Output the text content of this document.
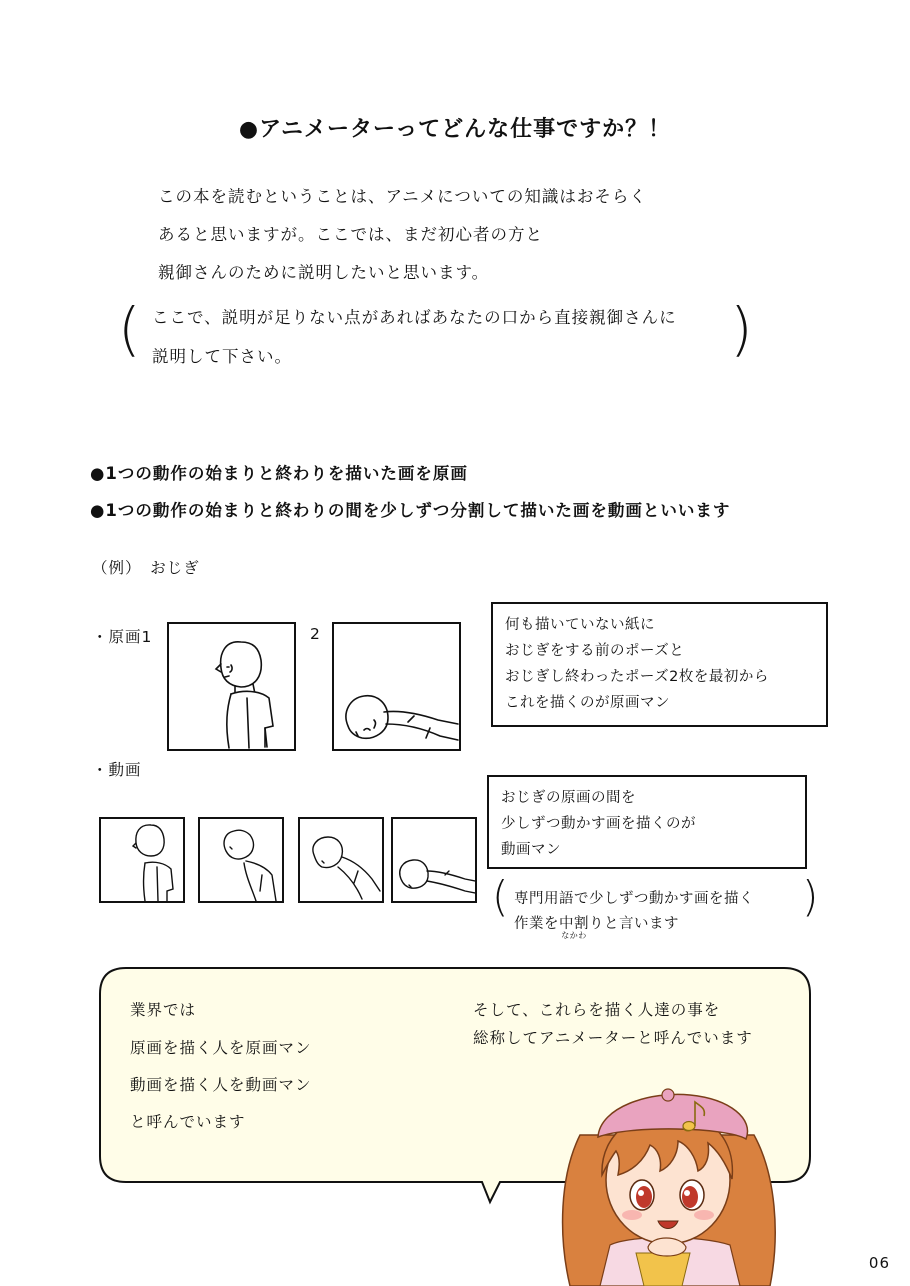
●アニメーターってどんな仕事ですか？！
この本を読むということは、アニメについての知識はおそらく
あると思いますが。ここでは、まだ初心者の方と
親御さんのために説明したいと思います。
(	)
ここで、説明が足りない点があればあなたの口から直接親御さんに
説明して下さい。
●1つの動作の始まりと終わりを描いた画を原画
●1つの動作の始まりと終わりの間を少しずつ分割して描いた画を動画といいます
（例）　おじぎ
・原画1	2	何も描いていない紙に
おじぎをする前のポーズと
おじぎし終わったポーズ2枚を最初から
これを描くのが原画マン
・動画
おじぎの原画の間を
少しずつ動かす画を描くのが
動画マン
(	)
専門用語で少しずつ動かす画を描く
作業を中割
なかわ
りと言います
業界では
原画を描く人を原画マン
動画を描く人を動画マン
と呼んでいます
そして、これらを描く人達の事を
総称してアニメーターと呼んでいます
06
